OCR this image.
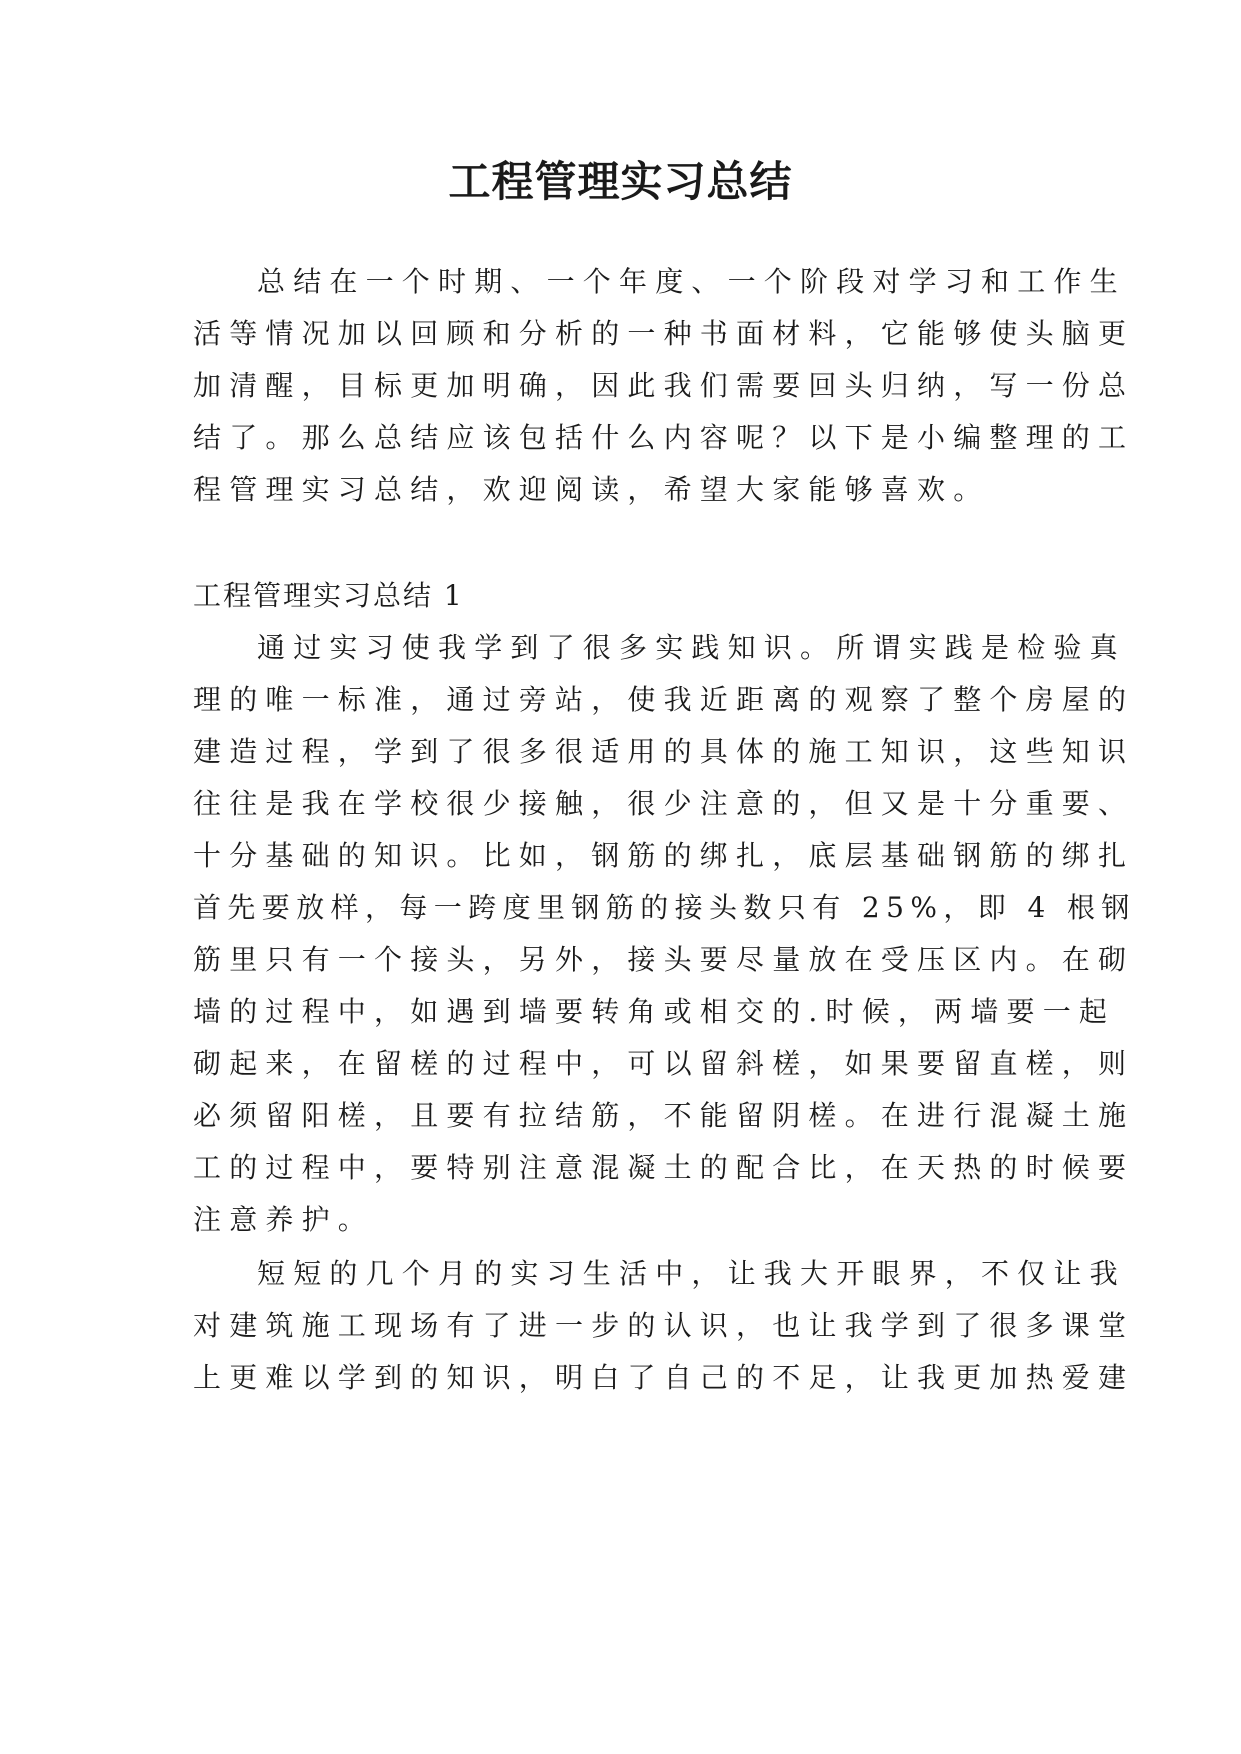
工程管理实习总结
总结在一个时期、一个年度、一个阶段对学习和工作生
活等情况加以回顾和分析的一种书面材料，它能够使头脑更
加清醒，目标更加明确，因此我们需要回头归纳，写一份总
结了。那么总结应该包括什么内容呢？以下是小编整理的工
程管理实习总结，欢迎阅读，希望大家能够喜欢。
工程管理实习总结 1
通过实习使我学到了很多实践知识。所谓实践是检验真
理的唯一标准，通过旁站，使我近距离的观察了整个房屋的
建造过程，学到了很多很适用的具体的施工知识，这些知识
往往是我在学校很少接触，很少注意的，但又是十分重要、
十分基础的知识。比如，钢筋的绑扎，底层基础钢筋的绑扎
首先要放样，每一跨度里钢筋的接头数只有 25%，即 4 根钢
筋里只有一个接头，另外，接头要尽量放在受压区内。在砌
墙的过程中，如遇到墙要转角或相交的.时候，两墙要一起
砌起来，在留槎的过程中，可以留斜槎，如果要留直槎，则
必须留阳槎，且要有拉结筋，不能留阴槎。在进行混凝土施
工的过程中，要特别注意混凝土的配合比，在天热的时候要
注意养护。
短短的几个月的实习生活中，让我大开眼界，不仅让我
对建筑施工现场有了进一步的认识，也让我学到了很多课堂
上更难以学到的知识，明白了自己的不足，让我更加热爱建
